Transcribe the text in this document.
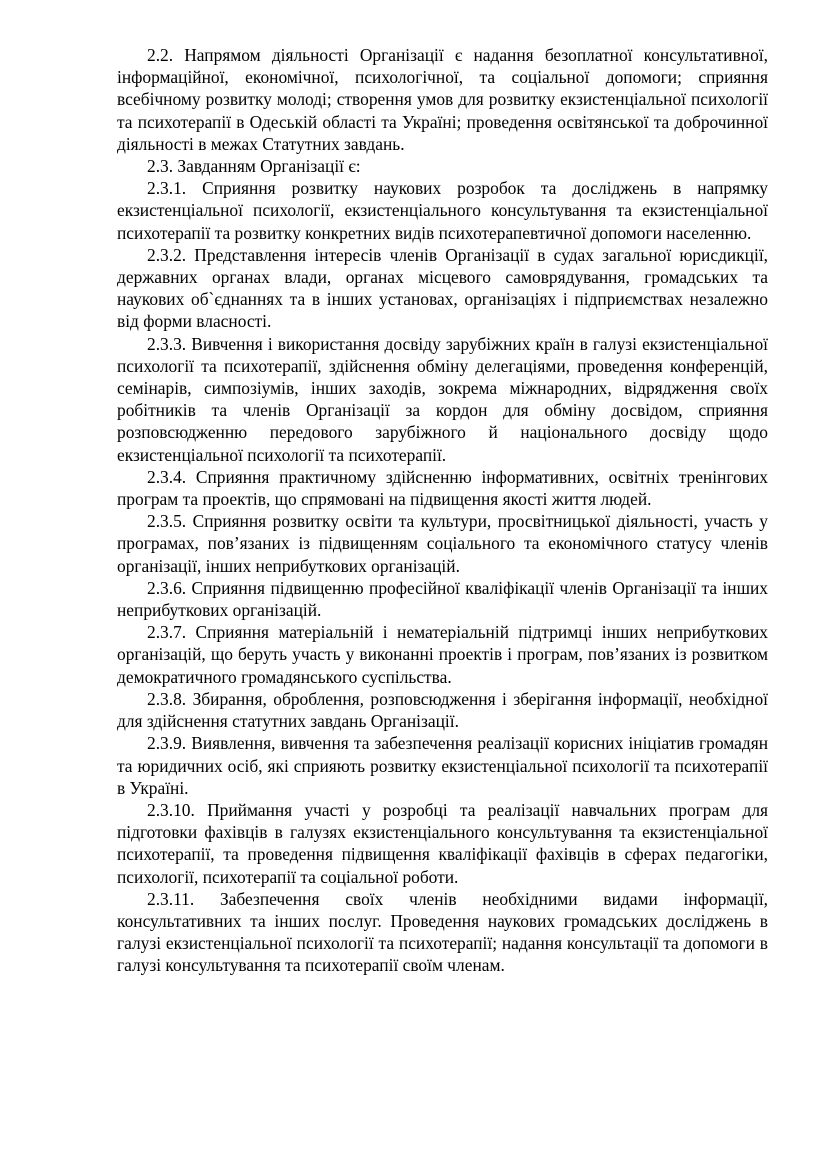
2.2. Напрямом діяльності Організації є надання безоплатної консультативної, інформаційної, економічної, психологічної, та соціальної допомоги; сприяння всебічному розвитку молоді; створення умов для розвитку екзистенціальної психології та психотерапії в Одеській області та Україні; проведення освітянської та доброчинної діяльності в межах Статутних завдань.

2.3. Завданням Організації є:

2.3.1. Сприяння розвитку наукових розробок та досліджень в напрямку екзистенціальної психології, екзистенціального консультування та екзистенціальної психотерапії та розвитку конкретних видів психотерапевтичної допомоги населенню.

2.3.2. Представлення інтересів членів Організації в судах загальної юрисдикції, державних органах влади, органах місцевого самоврядування, громадських та наукових об`єднаннях та в інших установах, організаціях і підприємствах незалежно від форми власності.

2.3.3. Вивчення і використання досвіду зарубіжних країн в галузі екзистенціальної психології та психотерапії, здійснення обміну делегаціями, проведення конференцій, семінарів, симпозіумів, інших заходів, зокрема міжнародних, відрядження своїх робітників та членів Організації за кордон для обміну досвідом, сприяння розповсюдженню передового зарубіжного й національного досвіду щодо екзистенціальної психології та психотерапії.

2.3.4. Сприяння практичному здійсненню інформативних, освітніх тренінгових програм та проектів, що спрямовані на підвищення якості життя людей.

2.3.5. Сприяння розвитку освіти та культури, просвітницької діяльності, участь у програмах, пов’язаних із підвищенням соціального та економічного статусу членів організації, інших неприбуткових організацій.

2.3.6. Сприяння підвищенню професійної кваліфікації членів Організації та інших неприбуткових організацій.

2.3.7. Сприяння матеріальній і нематеріальній підтримці інших неприбуткових організацій, що беруть участь у виконанні проектів і програм, пов’язаних із розвитком демократичного громадянського суспільства.

2.3.8. Збирання, оброблення, розповсюдження і зберігання інформації, необхідної для здійснення статутних завдань Організації.

2.3.9. Виявлення, вивчення та забезпечення реалізації корисних ініціатив громадян та юридичних осіб, які сприяють розвитку екзистенціальної психології та психотерапії в Україні.

2.3.10. Приймання участі у розробці та реалізації навчальних програм для підготовки фахівців в галузях екзистенціального консультування та екзистенціальної психотерапії, та проведення підвищення кваліфікації фахівців в сферах педагогіки, психології, психотерапії та соціальної роботи.

2.3.11. Забезпечення своїх членів необхідними видами інформації, консультативних та інших послуг. Проведення наукових громадських досліджень в галузі екзистенціальної психології та психотерапії; надання консультації та допомоги в галузі консультування та психотерапії своїм членам.
